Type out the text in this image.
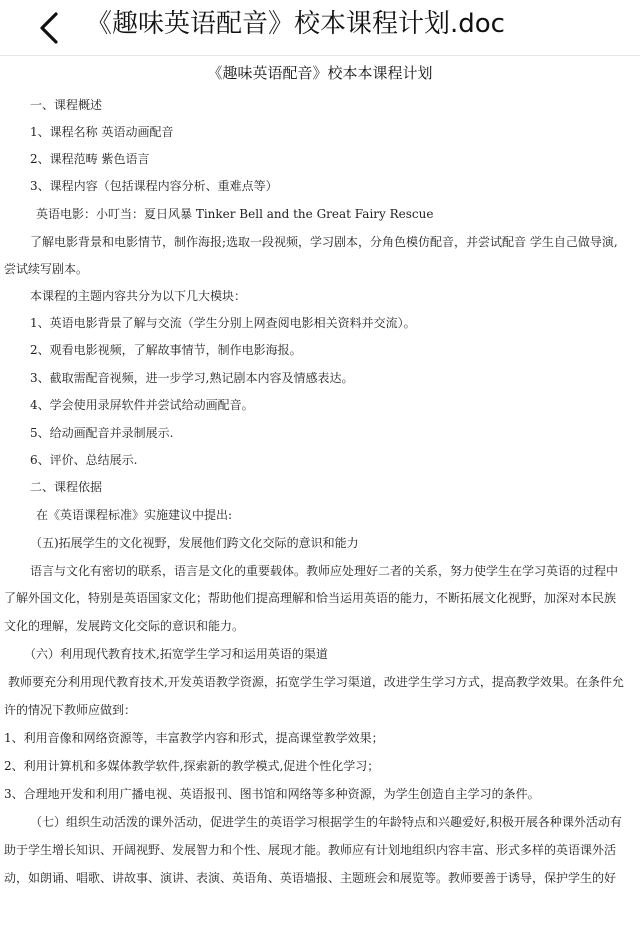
《趣味英语配音》校本课程计划.doc
《趣味英语配音》校本本课程计划
一、课程概述
1、课程名称 英语动画配音
2、课程范畴 紫色语言
3、课程内容（包括课程内容分析、重难点等）
英语电影：小叮当：夏日风暴 Tinker Bell and the Great Fairy Rescue
了解电影背景和电影情节，制作海报;选取一段视频，学习剧本，分角色模仿配音，并尝试配音 学生自己做导演,
尝试续写剧本。
本课程的主题内容共分为以下几大模块：
1、英语电影背景了解与交流（学生分别上网查阅电影相关资料并交流）。
2、观看电影视频，了解故事情节，制作电影海报。
3、截取需配音视频，进一步学习,熟记剧本内容及情感表达。
4、学会使用录屏软件并尝试给动画配音。
5、给动画配音并录制展示.
6、评价、总结展示.
二、课程依据
在《英语课程标准》实施建议中提出:
（五)拓展学生的文化视野，发展他们跨文化交际的意识和能力
语言与文化有密切的联系，语言是文化的重要载体。教师应处理好二者的关系，努力使学生在学习英语的过程中
了解外国文化，特别是英语国家文化；帮助他们提高理解和恰当运用英语的能力，不断拓展文化视野，加深对本民族
文化的理解，发展跨文化交际的意识和能力。
（六）利用现代教育技术,拓宽学生学习和运用英语的渠道
教师要充分利用现代教育技术,开发英语教学资源，拓宽学生学习渠道，改进学生学习方式，提高教学效果。在条件允
许的情况下教师应做到：
1、利用音像和网络资源等，丰富教学内容和形式，提高课堂教学效果；
2、利用计算机和多媒体教学软件,探索新的教学模式,促进个性化学习；
3、合理地开发和利用广播电视、英语报刊、图书馆和网络等多种资源，为学生创造自主学习的条件。
（七）组织生动活泼的课外活动，促进学生的英语学习根据学生的年龄特点和兴趣爱好,积极开展各种课外活动有
助于学生增长知识、开阔视野、发展智力和个性、展现才能。教师应有计划地组织内容丰富、形式多样的英语课外活
动，如朗诵、唱歌、讲故事、演讲、表演、英语角、英语墙报、主题班会和展览等。教师要善于诱导，保护学生的好
